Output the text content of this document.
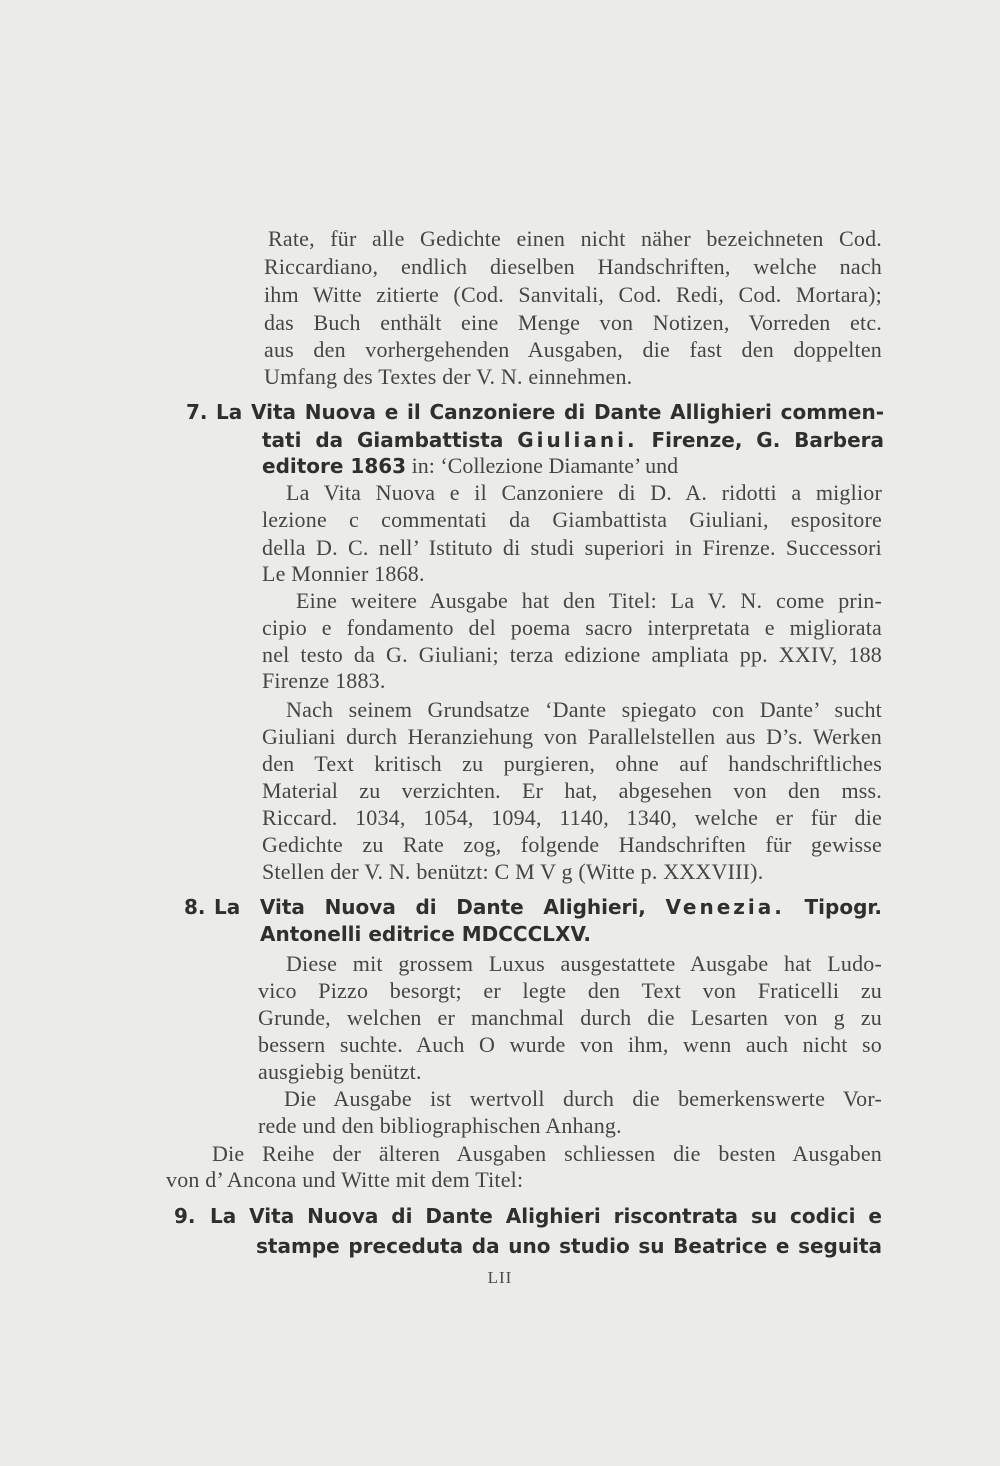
Rate, für alle Gedichte einen nicht näher bezeichneten Cod.
Riccardiano, endlich dieselben Handschriften, welche nach
ihm Witte zitierte (Cod. Sanvitali, Cod. Redi, Cod. Mortara);
das Buch enthält eine Menge von Notizen, Vorreden etc.
aus den vorhergehenden Ausgaben, die fast den doppelten
Umfang des Textes der V. N. einnehmen.
7. La Vita Nuova e il Canzoniere di Dante Allighieri commen-
tati da Giambattista Giuliani. Firenze, G. Barbera
editore 1863 in: ‘Collezione Diamante’ und
La Vita Nuova e il Canzoniere di D. A. ridotti a miglior
lezione c commentati da Giambattista Giuliani, espositore
della D. C. nell’ Istituto di studi superiori in Firenze. Successori
Le Monnier 1868.
Eine weitere Ausgabe hat den Titel: La V. N. come prin-
cipio e fondamento del poema sacro interpretata e migliorata
nel testo da G. Giuliani; terza edizione ampliata pp. XXIV, 188
Firenze 1883.
Nach seinem Grundsatze ‘Dante spiegato con Dante’ sucht
Giuliani durch Heranziehung von Parallelstellen aus D’s. Werken
den Text kritisch zu purgieren, ohne auf handschriftliches
Material zu verzichten. Er hat, abgesehen von den mss.
Riccard. 1034, 1054, 1094, 1140, 1340, welche er für die
Gedichte zu Rate zog, folgende Handschriften für gewisse
Stellen der V. N. benützt: C M V g (Witte p. XXXVIII).
8. La Vita Nuova di Dante Alighieri, Venezia. Tipogr.
Antonelli editrice MDCCCLXV.
Diese mit grossem Luxus ausgestattete Ausgabe hat Ludo-
vico Pizzo besorgt; er legte den Text von Fraticelli zu
Grunde, welchen er manchmal durch die Lesarten von g zu
bessern suchte. Auch O wurde von ihm, wenn auch nicht so
ausgiebig benützt.
Die Ausgabe ist wertvoll durch die bemerkenswerte Vor-
rede und den bibliographischen Anhang.
Die Reihe der älteren Ausgaben schliessen die besten Ausgaben
von d’ Ancona und Witte mit dem Titel:
9. La Vita Nuova di Dante Alighieri riscontrata su codici e
stampe preceduta da uno studio su Beatrice e seguita
LII
